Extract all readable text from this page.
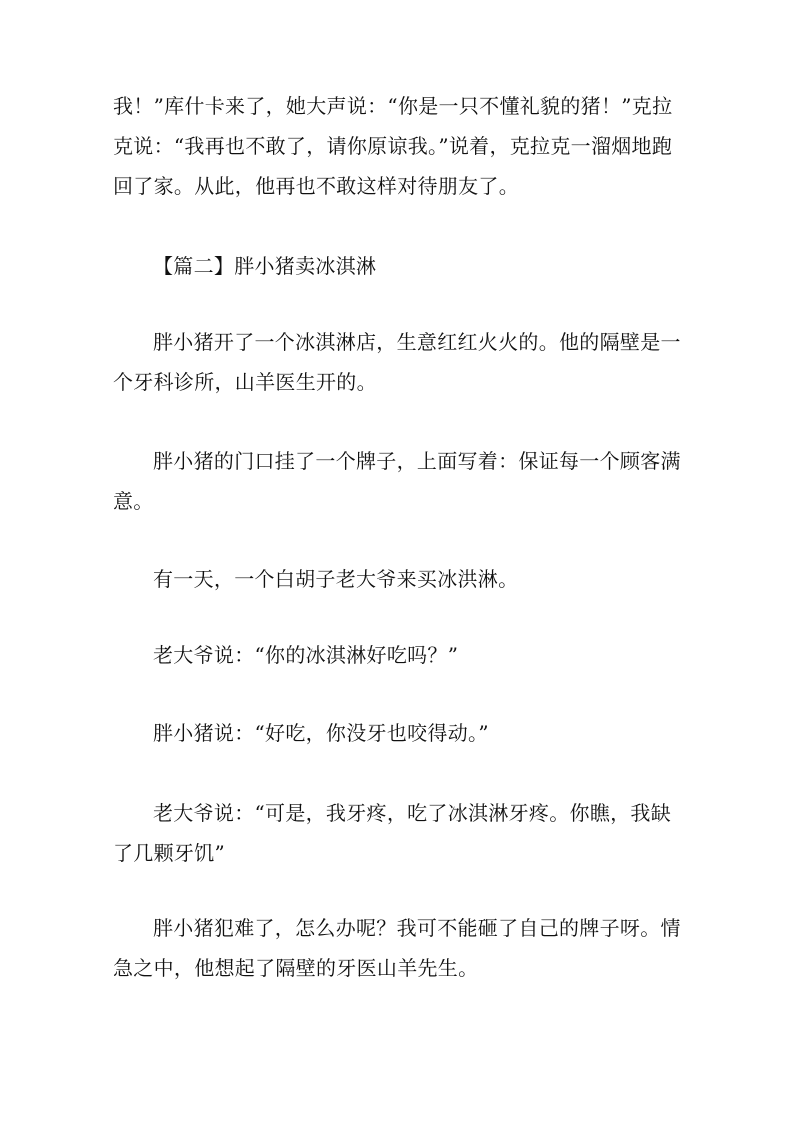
我！”库什卡来了，她大声说：“你是一只不懂礼貌的猪！”克拉克说：“我再也不敢了，请你原谅我。”说着，克拉克一溜烟地跑回了家。从此，他再也不敢这样对待朋友了。

【篇二】胖小猪卖冰淇淋

胖小猪开了一个冰淇淋店，生意红红火火的。他的隔壁是一个牙科诊所，山羊医生开的。

胖小猪的门口挂了一个牌子，上面写着：保证每一个顾客满意。

有一天，一个白胡子老大爷来买冰洪淋。

老大爷说：“你的冰淇淋好吃吗？”

胖小猪说：“好吃，你没牙也咬得动。”

老大爷说：“可是，我牙疼，吃了冰淇淋牙疼。你瞧，我缺了几颗牙饥”

胖小猪犯难了，怎么办呢？我可不能砸了自己的牌子呀。情急之中，他想起了隔壁的牙医山羊先生。
